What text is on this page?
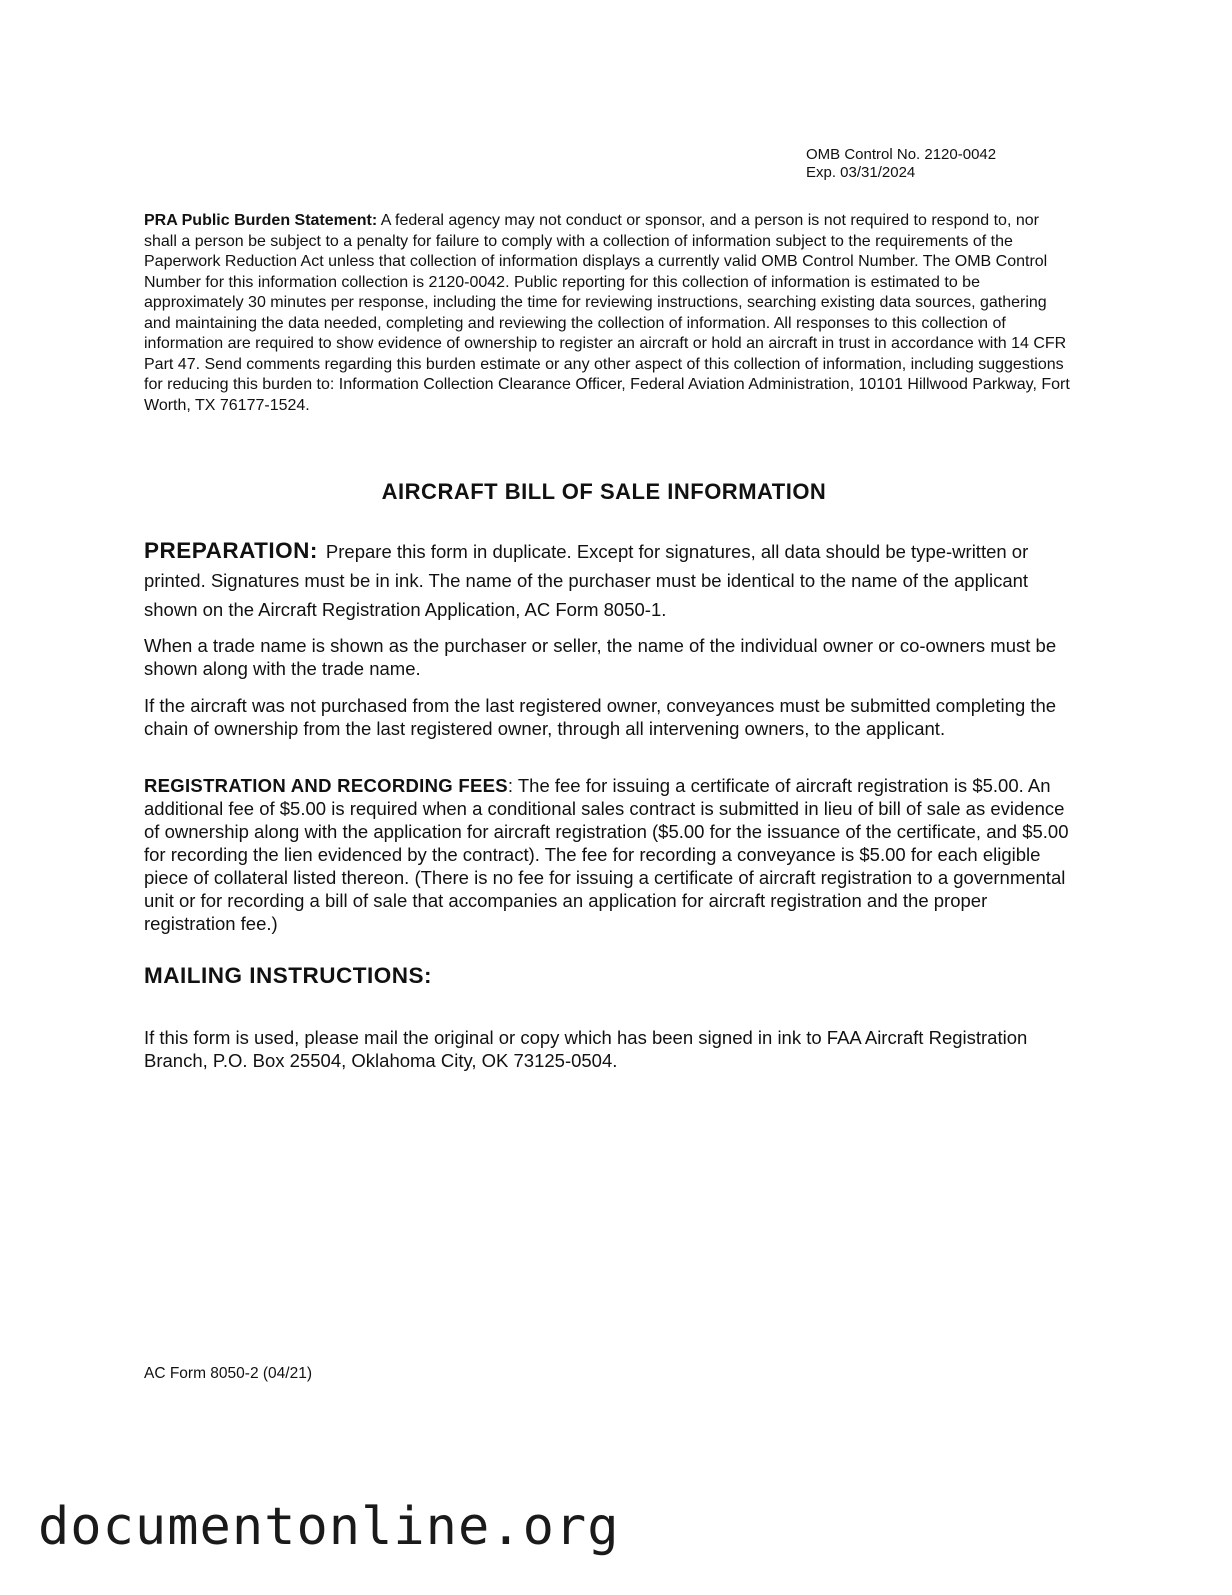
OMB Control No. 2120-0042
Exp. 03/31/2024

PRA Public Burden Statement: A federal agency may not conduct or sponsor, and a person is not required to respond to, nor shall a person be subject to a penalty for failure to comply with a collection of information subject to the requirements of the Paperwork Reduction Act unless that collection of information displays a currently valid OMB Control Number. The OMB Control Number for this information collection is 2120-0042. Public reporting for this collection of information is estimated to be approximately 30 minutes per response, including the time for reviewing instructions, searching existing data sources, gathering and maintaining the data needed, completing and reviewing the collection of information. All responses to this collection of information are required to show evidence of ownership to register an aircraft or hold an aircraft in trust in accordance with 14 CFR Part 47. Send comments regarding this burden estimate or any other aspect of this collection of information, including suggestions for reducing this burden to: Information Collection Clearance Officer, Federal Aviation Administration, 10101 Hillwood Parkway, Fort Worth, TX 76177-1524.

AIRCRAFT BILL OF SALE INFORMATION

PREPARATION: Prepare this form in duplicate. Except for signatures, all data should be type-written or printed. Signatures must be in ink. The name of the purchaser must be identical to the name of the applicant shown on the Aircraft Registration Application, AC Form 8050-1.

When a trade name is shown as the purchaser or seller, the name of the individual owner or co-owners must be shown along with the trade name.

If the aircraft was not purchased from the last registered owner, conveyances must be submitted completing the chain of ownership from the last registered owner, through all intervening owners, to the applicant.

REGISTRATION AND RECORDING FEES: The fee for issuing a certificate of aircraft registration is $5.00. An additional fee of $5.00 is required when a conditional sales contract is submitted in lieu of bill of sale as evidence of ownership along with the application for aircraft registration ($5.00 for the issuance of the certificate, and $5.00 for recording the lien evidenced by the contract). The fee for recording a conveyance is $5.00 for each eligible piece of collateral listed thereon. (There is no fee for issuing a certificate of aircraft registration to a governmental unit or for recording a bill of sale that accompanies an application for aircraft registration and the proper registration fee.)

MAILING INSTRUCTIONS:

If this form is used, please mail the original or copy which has been signed in ink to FAA Aircraft Registration Branch, P.O. Box 25504, Oklahoma City, OK 73125-0504.

AC Form 8050-2 (04/21)

documentonline.org
